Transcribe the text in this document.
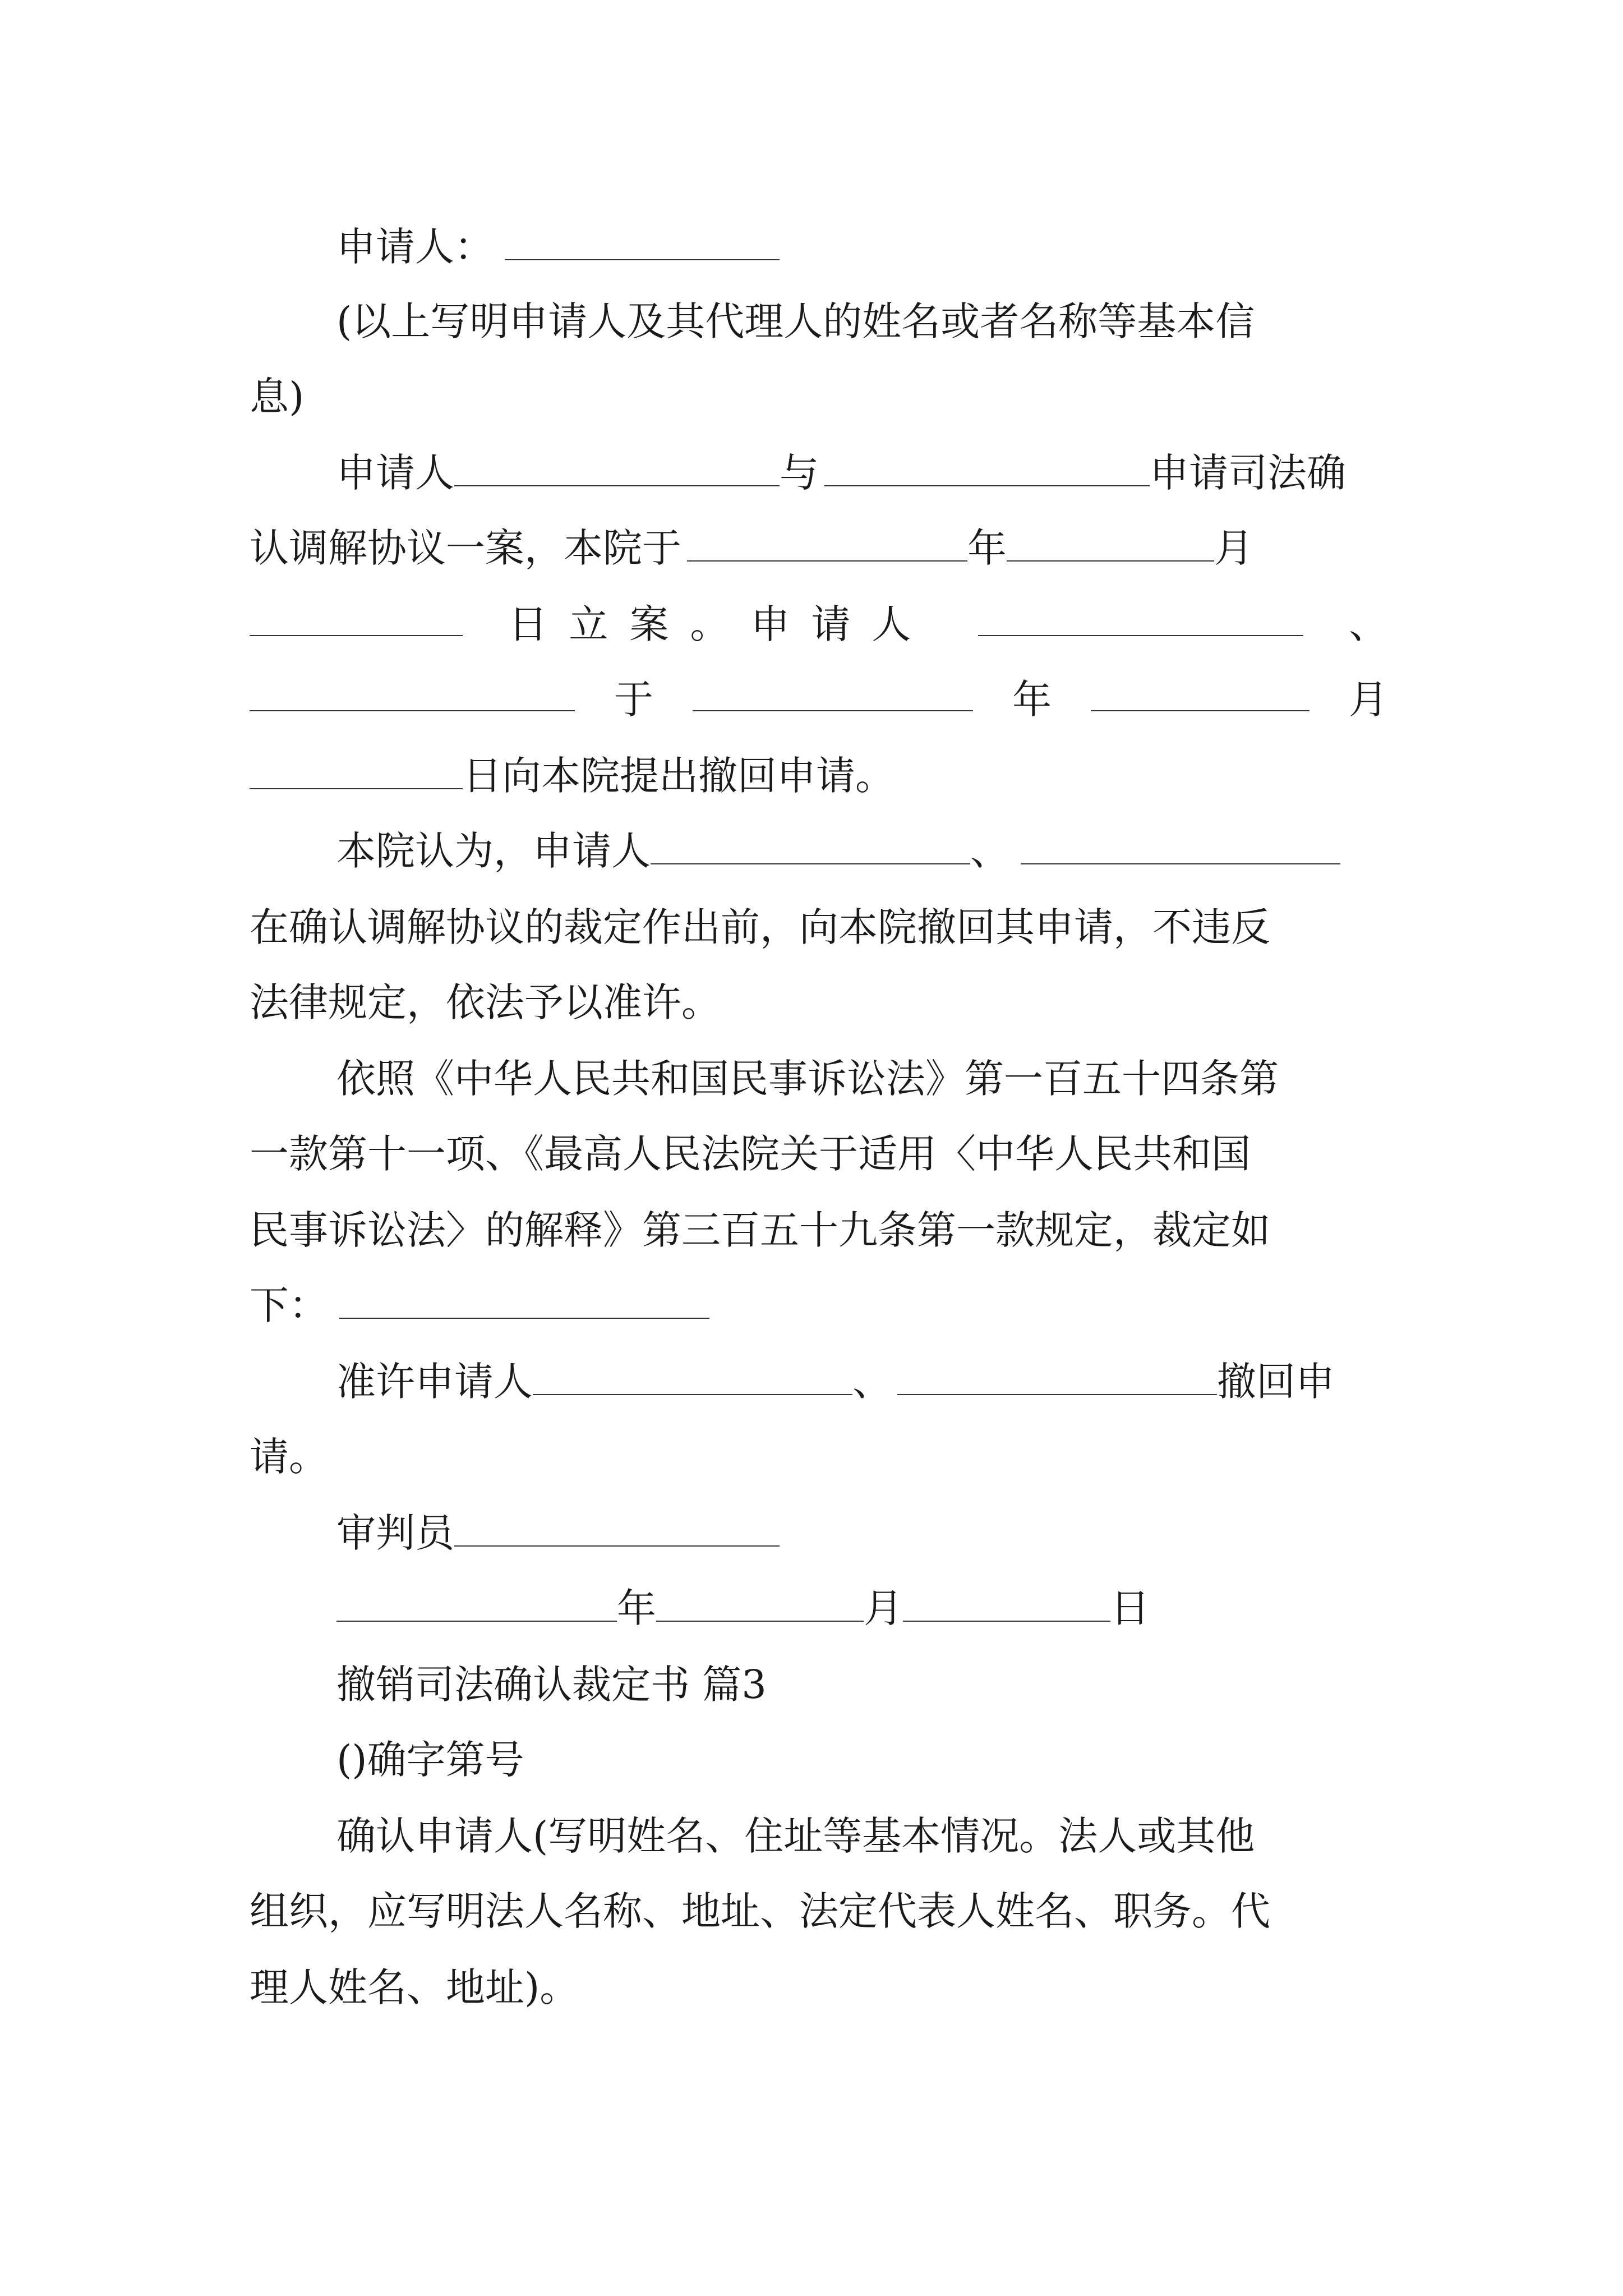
申请人：

(以上写明申请人及其代理人的姓名或者名称等基本信

息)

申请人	与	申请司法确

认调解协议一案，本院于	年	月

日立案。申请人	、

于	年	月

日向本院提出撤回申请。

本院认为，申请人	、

在确认调解协议的裁定作出前，向本院撤回其申请，不违反

法律规定，依法予以准许。

依照《中华人民共和国民事诉讼法》第一百五十四条第

一款第十一项、《最高人民法院关于适用〈中华人民共和国

民事诉讼法〉的解释》第三百五十九条第一款规定，裁定如

下：

准许申请人	、	撤回申

请。

审判员

年	月	日

撤销司法确认裁定书 篇3

()确字第号

确认申请人(写明姓名、住址等基本情况。法人或其他

组织，应写明法人名称、地址、法定代表人姓名、职务。代

理人姓名、地址)。
